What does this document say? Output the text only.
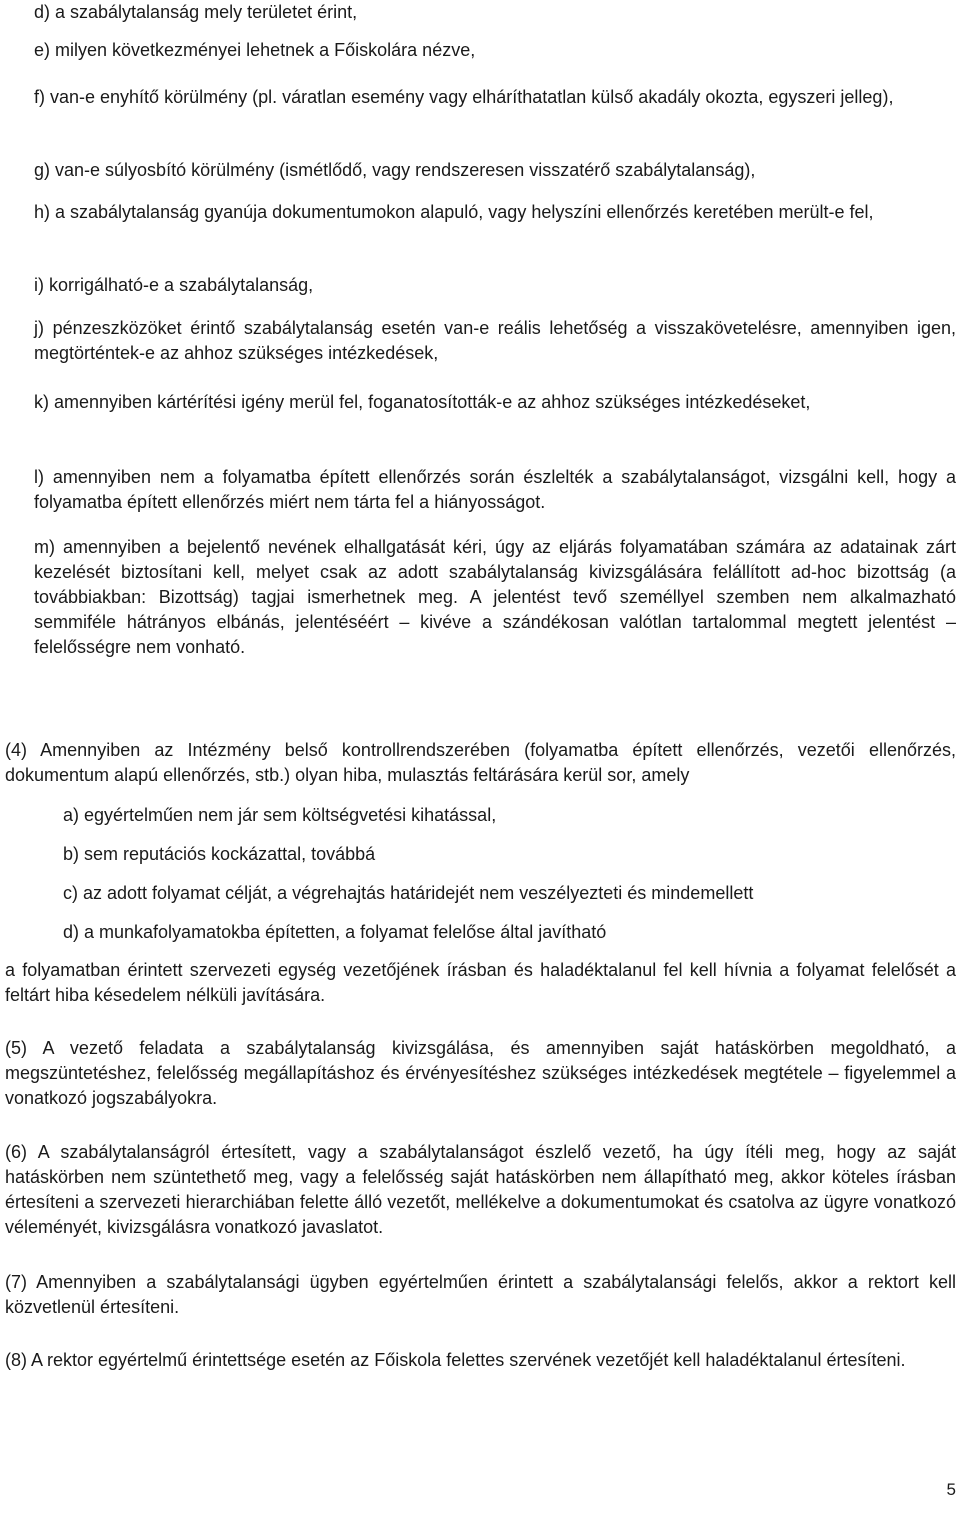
d) a szabálytalanság mely területet érint,

e) milyen következményei lehetnek a Főiskolára nézve,

f) van-e enyhítő körülmény (pl. váratlan esemény vagy elháríthatatlan külső akadály okozta, egyszeri jelleg),

g) van-e súlyosbító körülmény (ismétlődő, vagy rendszeresen visszatérő szabálytalanság),

h) a szabálytalanság gyanúja dokumentumokon alapuló, vagy helyszíni ellenőrzés keretében merült-e fel,

i) korrigálható-e a szabálytalanság,

j) pénzeszközöket érintő szabálytalanság esetén van-e reális lehetőség a visszakövetelésre, amennyiben igen, megtörténtek-e az ahhoz szükséges intézkedések,

k) amennyiben kártérítési igény merül fel, foganatosították-e az ahhoz szükséges intézkedéseket,

l) amennyiben nem a folyamatba épített ellenőrzés során észlelték a szabálytalanságot, vizsgálni kell, hogy a folyamatba épített ellenőrzés miért nem tárta fel a hiányosságot.

m) amennyiben a bejelentő nevének elhallgatását kéri, úgy az eljárás folyamatában számára az adatainak zárt kezelését biztosítani kell, melyet csak az adott szabálytalanság kivizsgálására felállított ad-hoc bizottság (a továbbiakban: Bizottság) tagjai ismerhetnek meg. A jelentést tevő személlyel szemben nem alkalmazható semmiféle hátrányos elbánás, jelentéséért – kivéve a szándékosan valótlan tartalommal megtett jelentést – felelősségre nem vonható.

(4) Amennyiben az Intézmény belső kontrollrendszerében (folyamatba épített ellenőrzés, vezetői ellenőrzés, dokumentum alapú ellenőrzés, stb.) olyan hiba, mulasztás feltárására kerül sor, amely

a) egyértelműen nem jár sem költségvetési kihatással,

b) sem reputációs kockázattal, továbbá

c) az adott folyamat célját, a végrehajtás határidejét nem veszélyezteti és mindemellett

d) a munkafolyamatokba építetten, a folyamat felelőse által javítható

a folyamatban érintett szervezeti egység vezetőjének írásban és haladéktalanul fel kell hívnia a folyamat felelősét a feltárt hiba késedelem nélküli javítására.

(5) A vezető feladata a szabálytalanság kivizsgálása, és amennyiben saját hatáskörben megoldható, a megszüntetéshez, felelősség megállapításhoz és érvényesítéshez szükséges intézkedések megtétele – figyelemmel a vonatkozó jogszabályokra.

(6) A szabálytalanságról értesített, vagy a szabálytalanságot észlelő vezető, ha úgy ítéli meg, hogy az saját hatáskörben nem szüntethető meg, vagy a felelősség saját hatáskörben nem állapítható meg, akkor köteles írásban értesíteni a szervezeti hierarchiában felette álló vezetőt, mellékelve a dokumentumokat és csatolva az ügyre vonatkozó véleményét, kivizsgálásra vonatkozó javaslatot.

(7) Amennyiben a szabálytalansági ügyben egyértelműen érintett a szabálytalansági felelős, akkor a rektort kell közvetlenül értesíteni.

(8) A rektor egyértelmű érintettsége esetén az Főiskola felettes szervének vezetőjét kell haladéktalanul értesíteni.

5
